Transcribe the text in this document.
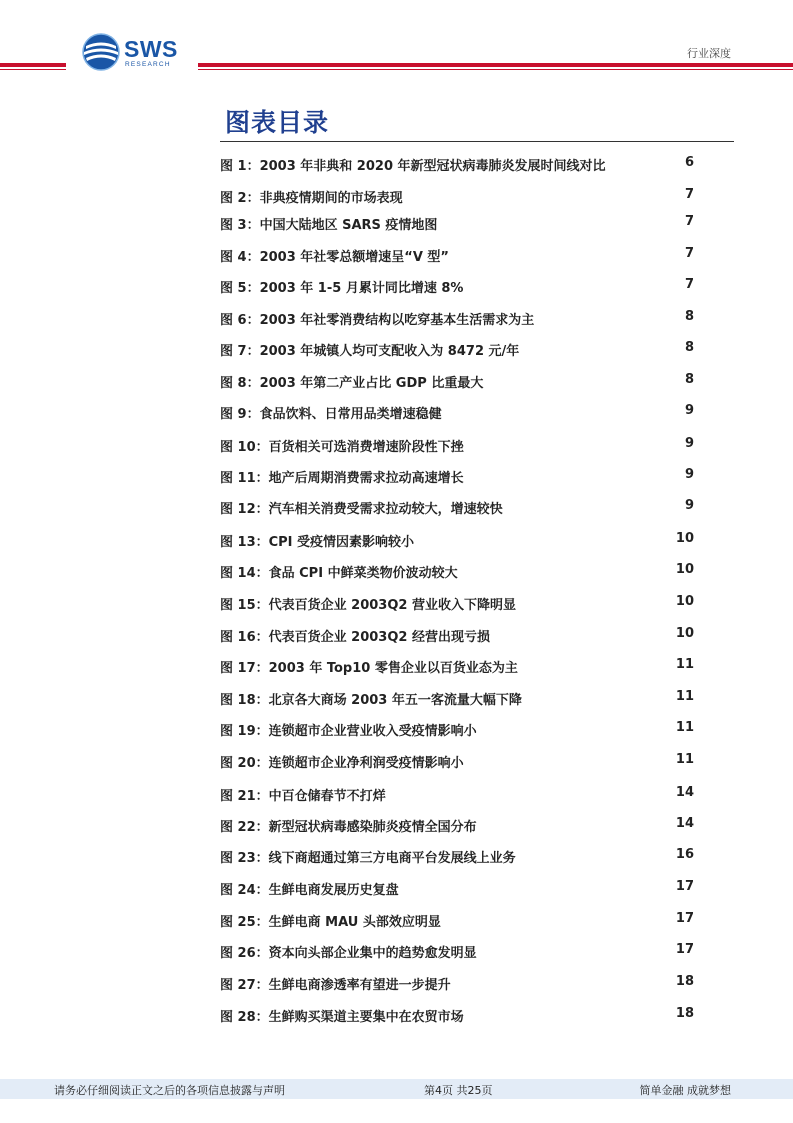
SWS
RESEARCH
行业深度
图表目录
图 1：2003 年非典和 2020 年新型冠状病毒肺炎发展时间线对比	6
图 2：非典疫情期间的市场表现	7
图 3：中国大陆地区 SARS 疫情地图	7
图 4：2003 年社零总额增速呈“V 型”	7
图 5：2003 年 1-5 月累计同比增速 8%	7
图 6：2003 年社零消费结构以吃穿基本生活需求为主	8
图 7：2003 年城镇人均可支配收入为 8472 元/年	8
图 8：2003 年第二产业占比 GDP 比重最大	8
图 9：食品饮料、日常用品类增速稳健	9
图 10：百货相关可选消费增速阶段性下挫	9
图 11：地产后周期消费需求拉动高速增长	9
图 12：汽车相关消费受需求拉动较大，增速较快	9
图 13：CPI 受疫情因素影响较小	10
图 14：食品 CPI 中鲜菜类物价波动较大	10
图 15：代表百货企业 2003Q2 营业收入下降明显	10
图 16：代表百货企业 2003Q2 经营出现亏损	10
图 17：2003 年 Top10 零售企业以百货业态为主	11
图 18：北京各大商场 2003 年五一客流量大幅下降	11
图 19：连锁超市企业营业收入受疫情影响小	11
图 20：连锁超市企业净利润受疫情影响小	11
图 21：中百仓储春节不打烊	14
图 22：新型冠状病毒感染肺炎疫情全国分布	14
图 23：线下商超通过第三方电商平台发展线上业务	16
图 24：生鲜电商发展历史复盘	17
图 25：生鲜电商 MAU 头部效应明显	17
图 26：资本向头部企业集中的趋势愈发明显	17
图 27：生鲜电商渗透率有望进一步提升	18
图 28：生鲜购买渠道主要集中在农贸市场	18
请务必仔细阅读正文之后的各项信息披露与声明	第4页 共25页	简单金融 成就梦想
